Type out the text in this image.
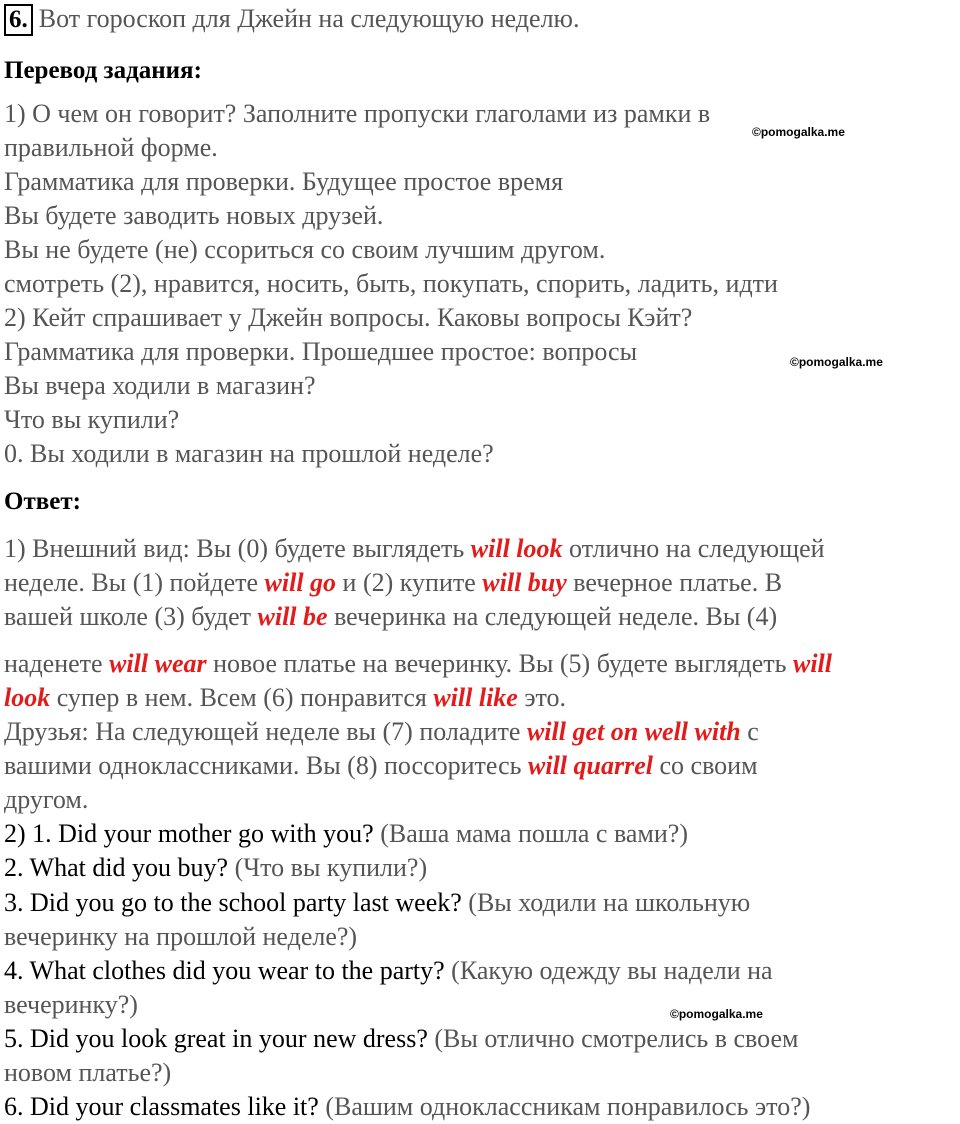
6. Вот гороскоп для Джейн на следующую неделю.
Перевод задания:
1) О чем он говорит? Заполните пропуски глаголами из рамки в
правильной форме.
Грамматика для проверки. Будущее простое время
Вы будете заводить новых друзей.
Вы не будете (не) ссориться со своим лучшим другом.
смотреть (2), нравится, носить, быть, покупать, спорить, ладить, идти
2) Кейт спрашивает у Джейн вопросы. Каковы вопросы Кэйт?
Грамматика для проверки. Прошедшее простое: вопросы
Вы вчера ходили в магазин?
Что вы купили?
0. Вы ходили в магазин на прошлой неделе?
Ответ:
1) Внешний вид: Вы (0) будете выглядеть will look отлично на следующей
неделе. Вы (1) пойдете will go и (2) купите will buy вечерное платье. В
вашей школе (3) будет will be вечеринка на следующей неделе. Вы (4)
наденете will wear новое платье на вечеринку. Вы (5) будете выглядеть will
look супер в нем. Всем (6) понравится will like это.
Друзья: На следующей неделе вы (7) поладите will get on well with с
вашими одноклассниками. Вы (8) поссоритесь will quarrel со своим
другом.
2) 1. Did your mother go with you? (Ваша мама пошла с вами?)
2. What did you buy? (Что вы купили?)
3. Did you go to the school party last week? (Вы ходили на школьную
вечеринку на прошлой неделе?)
4. What clothes did you wear to the party? (Какую одежду вы надели на
вечеринку?)
5. Did you look great in your new dress? (Вы отлично смотрелись в своем
новом платье?)
6. Did your classmates like it? (Вашим одноклассникам понравилось это?)
©pomogalka.me
©pomogalka.me
©pomogalka.me
